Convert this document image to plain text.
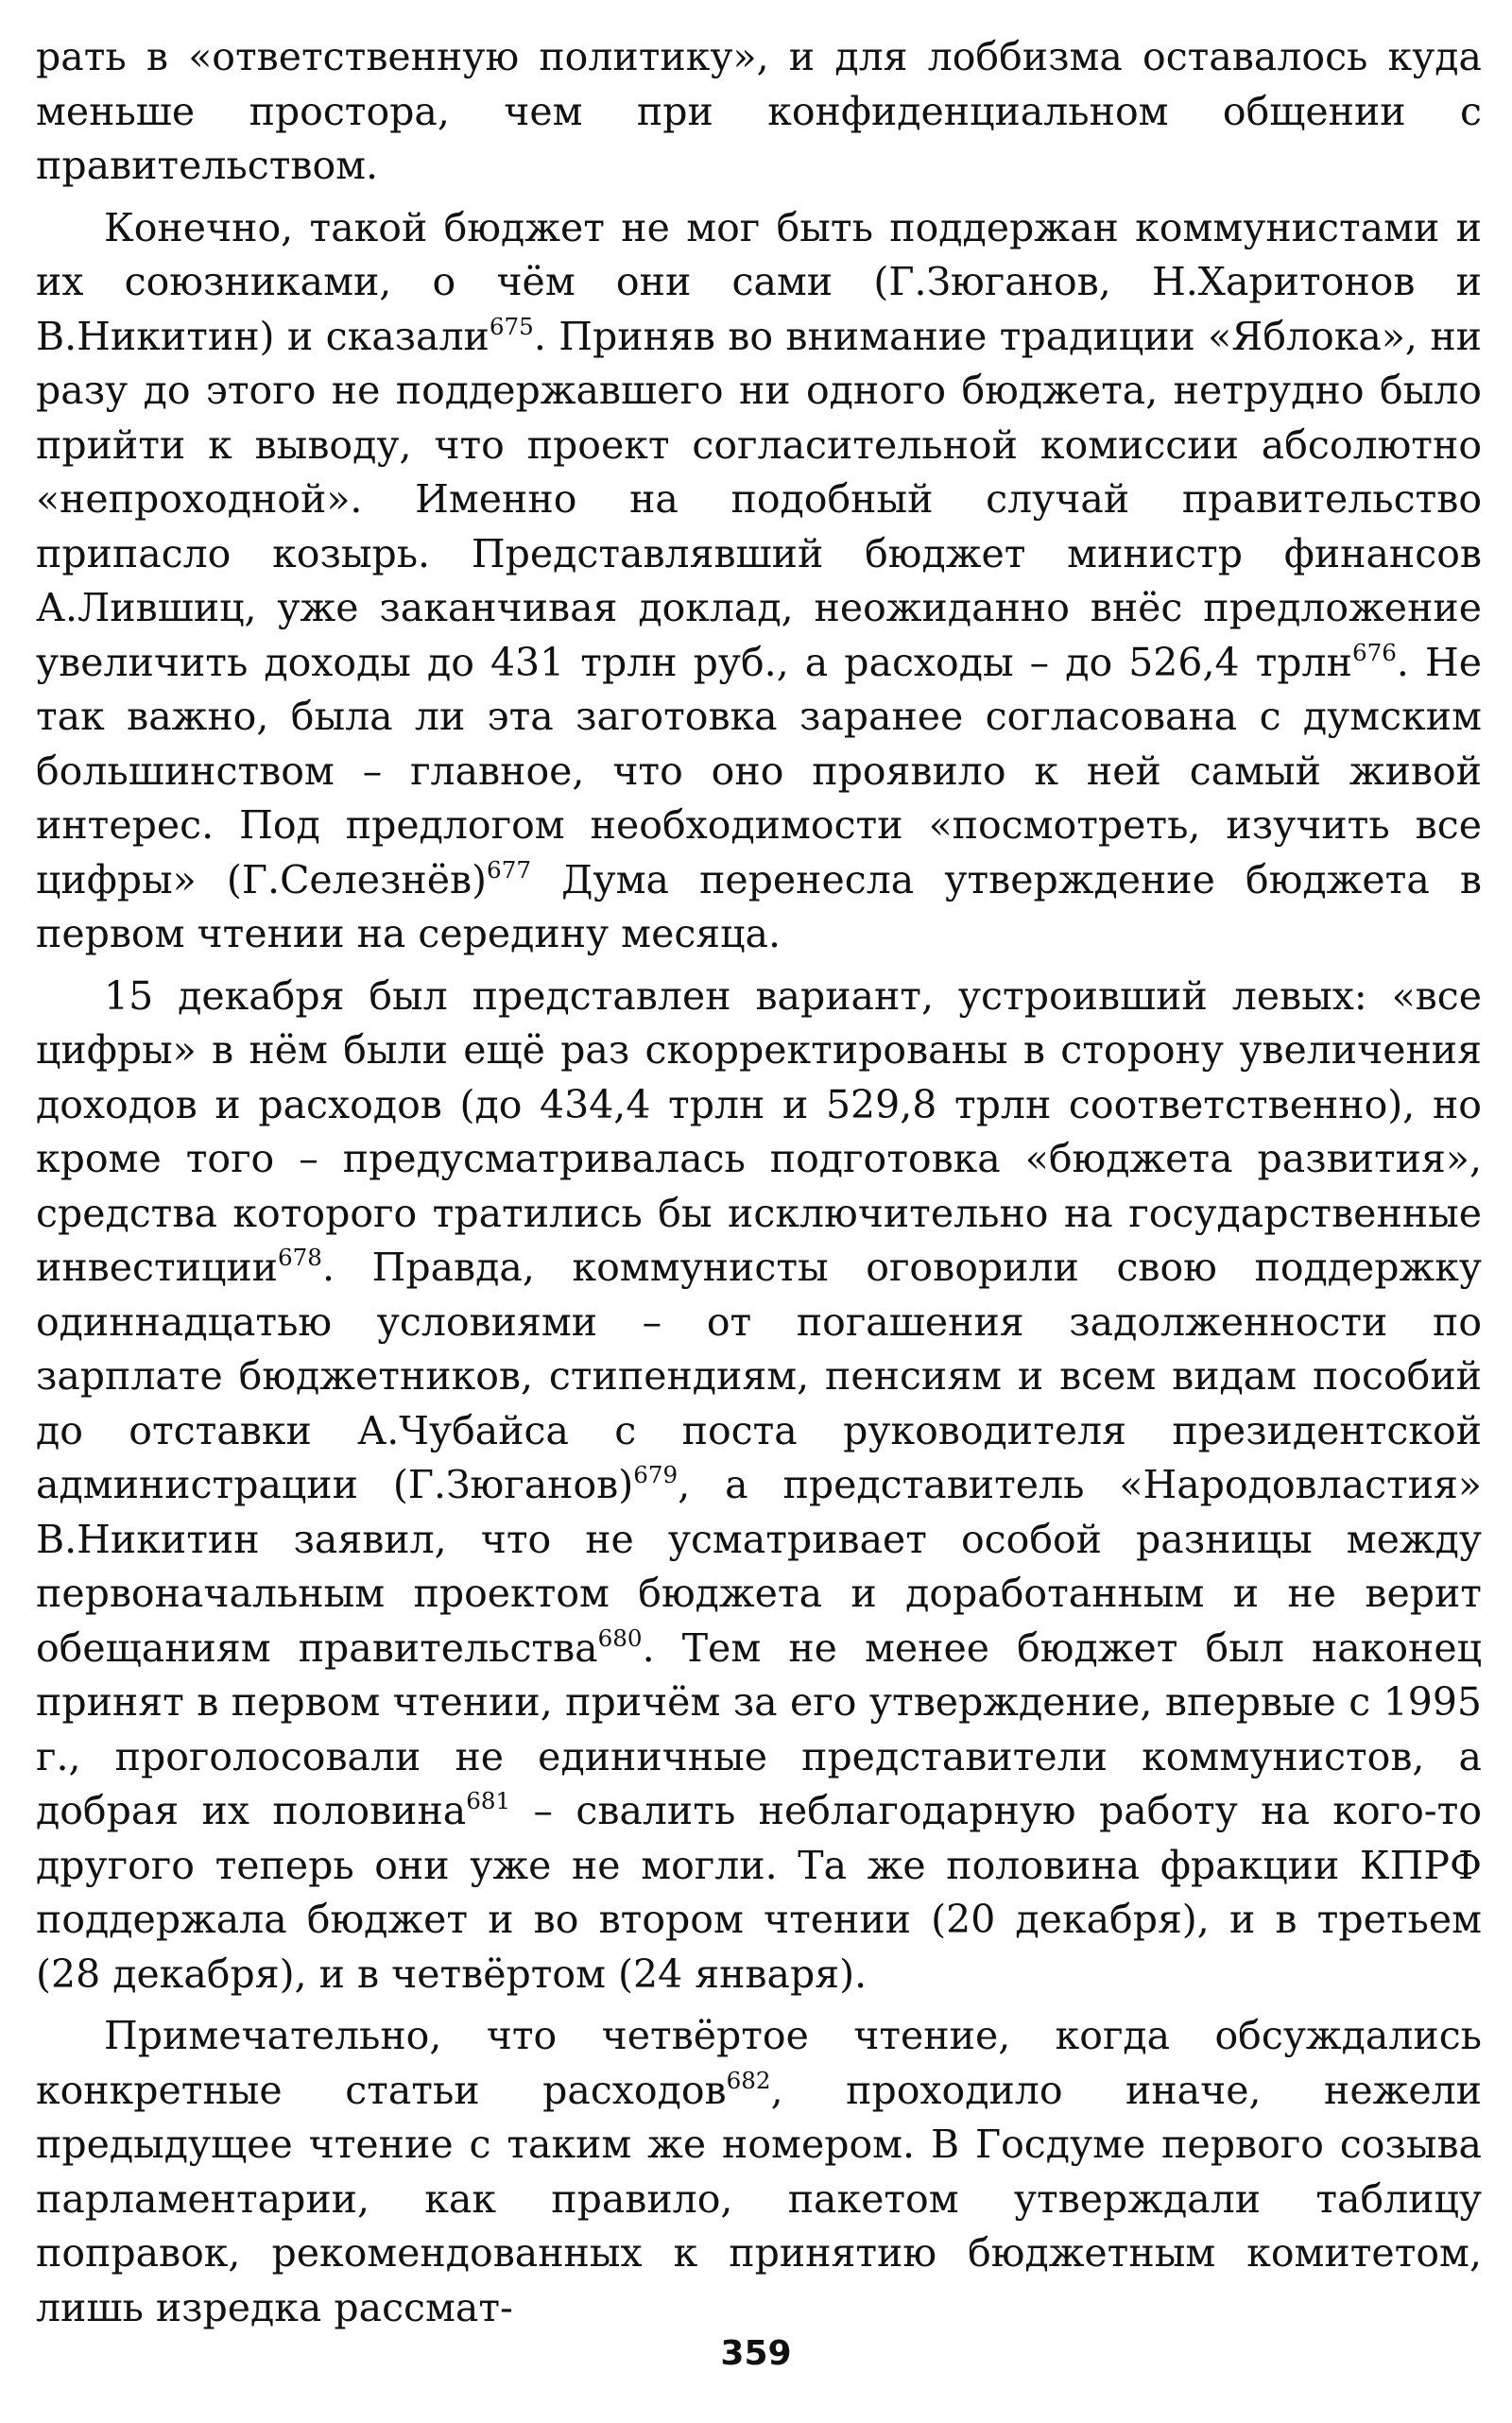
рать в «ответственную политику», и для лоббизма оставалось куда меньше простора, чем при конфиденциальном общении с правительством.

Конечно, такой бюджет не мог быть поддержан коммунистами и их союзниками, о чём они сами (Г.Зюганов, Н.Харитонов и В.Никитин) и сказали$^{675}$. Приняв во внимание традиции «Яблока», ни разу до этого не поддержавшего ни одного бюджета, нетрудно было прийти к выводу, что проект согласительной комиссии абсолютно «непроходной». Именно на подобный случай правительство припасло козырь. Представлявший бюджет министр финансов А.Лившиц, уже заканчивая доклад, неожиданно внёс предложение увеличить доходы до 431 трлн руб., а расходы – до 526,4 трлн$^{676}$. Не так важно, была ли эта заготовка заранее согласована с думским большинством – главное, что оно проявило к ней самый живой интерес. Под предлогом необходимости «посмотреть, изучить все цифры» (Г.Селезнёв)$^{677}$ Дума перенесла утверждение бюджета в первом чтении на середину месяца.

15 декабря был представлен вариант, устроивший левых: «все цифры» в нём были ещё раз скорректированы в сторону увеличения доходов и расходов (до 434,4 трлн и 529,8 трлн соответственно), но кроме того – предусматривалась подготовка «бюджета развития», средства которого тратились бы исключительно на государственные инвестиции$^{678}$. Правда, коммунисты оговорили свою поддержку одиннадцатью условиями – от погашения задолженности по зарплате бюджетников, стипендиям, пенсиям и всем видам пособий до отставки А.Чубайса с поста руководителя президентской администрации (Г.Зюганов)$^{679}$, а представитель «Народовластия» В.Никитин заявил, что не усматривает особой разницы между первоначальным проектом бюджета и доработанным и не верит обещаниям правительства$^{680}$. Тем не менее бюджет был наконец принят в первом чтении, причём за его утверждение, впервые с 1995 г., проголосовали не единичные представители коммунистов, а добрая их половина$^{681}$ – свалить неблагодарную работу на кого-то другого теперь они уже не могли. Та же половина фракции КПРФ поддержала бюджет и во втором чтении (20 декабря), и в третьем (28 декабря), и в четвёртом (24 января).

Примечательно, что четвёртое чтение, когда обсуждались конкретные статьи расходов$^{682}$, проходило иначе, нежели предыдущее чтение с таким же номером. В Госдуме первого созыва парламентарии, как правило, пакетом утверждали таблицу поправок, рекомендованных к принятию бюджетным комитетом, лишь изредка рассмат-

359
